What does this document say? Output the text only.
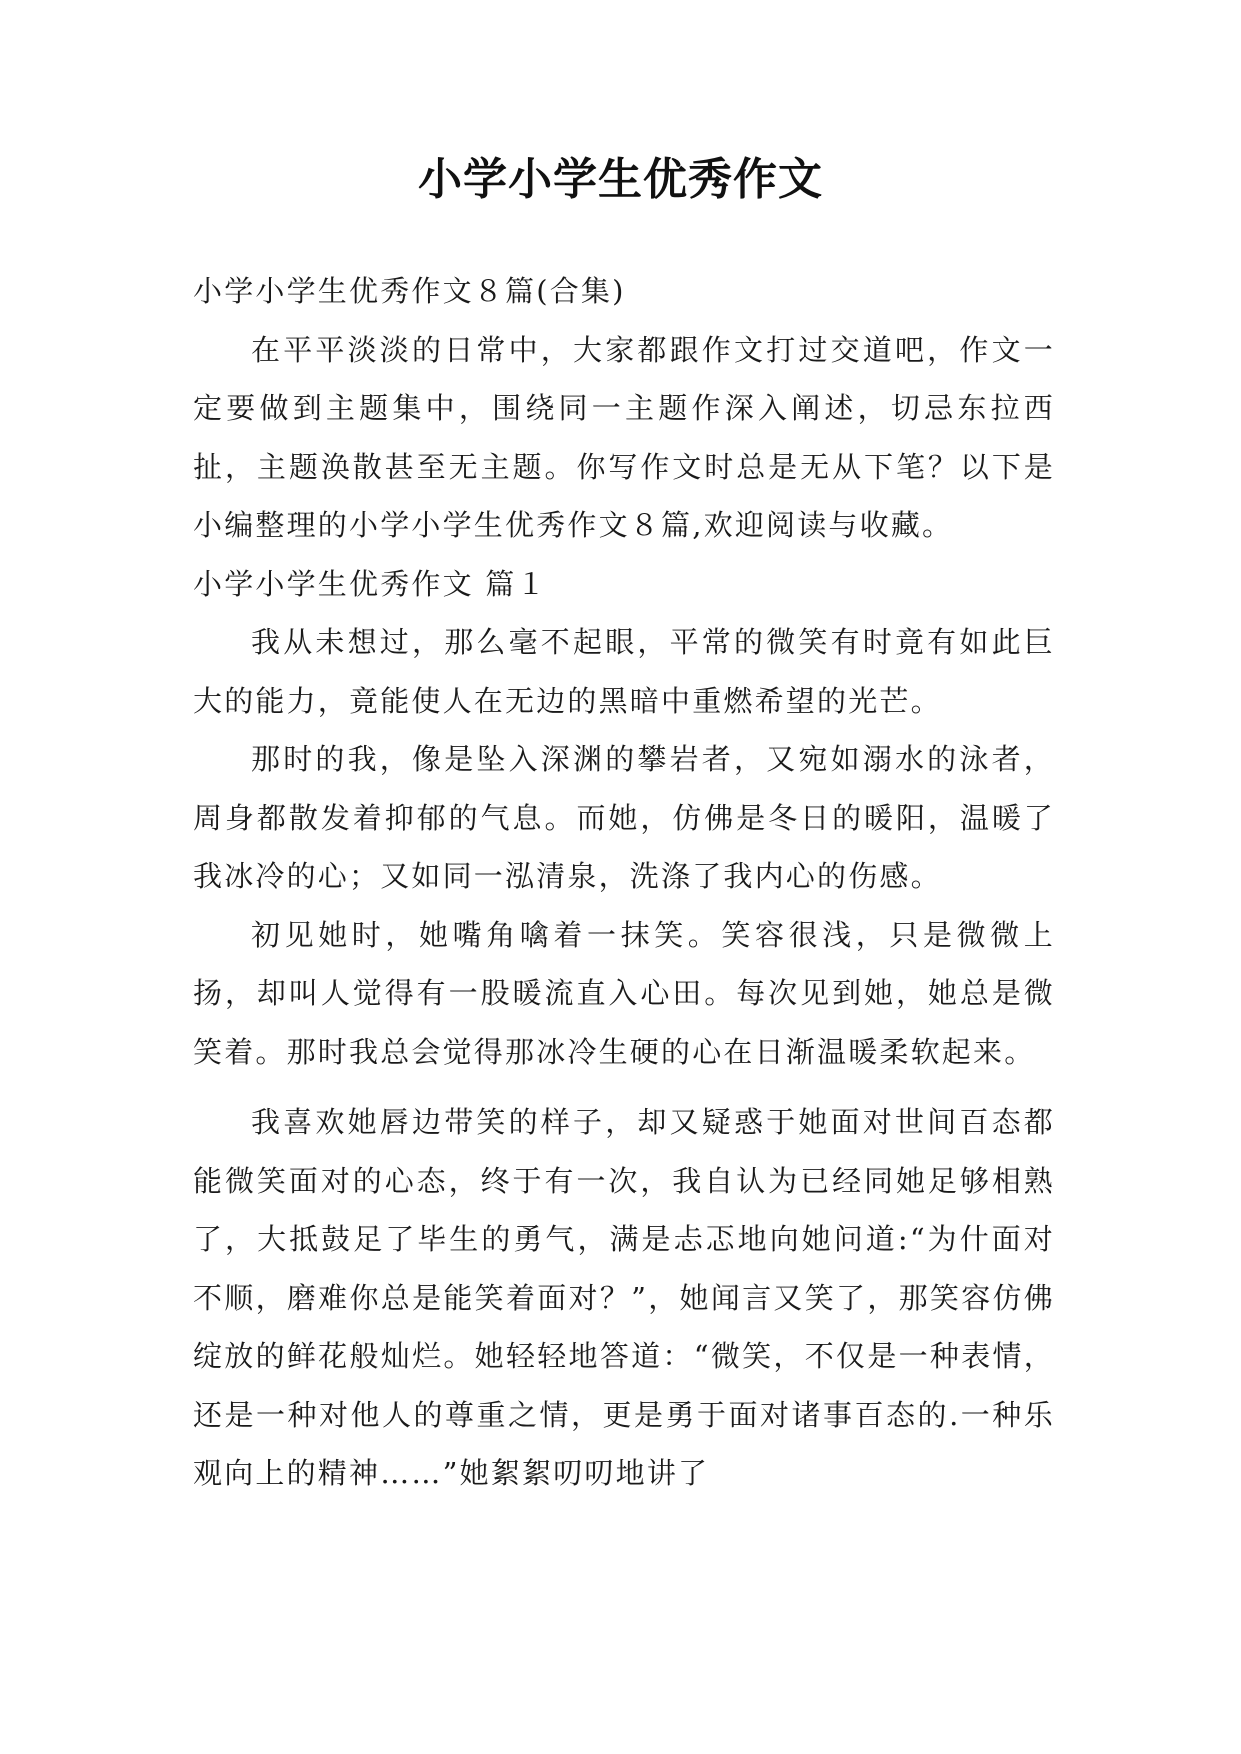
小学小学生优秀作文

小学小学生优秀作文８篇(合集)

在平平淡淡的日常中，大家都跟作文打过交道吧，作文一定要做到主题集中，围绕同一主题作深入阐述，切忌东拉西扯，主题涣散甚至无主题。你写作文时总是无从下笔？以下是小编整理的小学小学生优秀作文８篇,欢迎阅读与收藏。

小学小学生优秀作文 篇１

我从未想过，那么毫不起眼，平常的微笑有时竟有如此巨大的能力，竟能使人在无边的黑暗中重燃希望的光芒。

那时的我，像是坠入深渊的攀岩者，又宛如溺水的泳者，周身都散发着抑郁的气息。而她，仿佛是冬日的暖阳，温暖了我冰冷的心；又如同一泓清泉，洗涤了我内心的伤感。

初见她时，她嘴角噙着一抹笑。笑容很浅，只是微微上扬，却叫人觉得有一股暖流直入心田。每次见到她，她总是微笑着。那时我总会觉得那冰冷生硬的心在日渐温暖柔软起来。

我喜欢她唇边带笑的样子，却又疑惑于她面对世间百态都能微笑面对的心态，终于有一次，我自认为已经同她足够相熟了，大抵鼓足了毕生的勇气，满是忐忑地向她问道:“为什面对不顺，磨难你总是能笑着面对？”，她闻言又笑了，那笑容仿佛绽放的鲜花般灿烂。她轻轻地答道：“微笑，不仅是一种表情，还是一种对他人的尊重之情，更是勇于面对诸事百态的.一种乐观向上的精神……”她絮絮叨叨地讲了
